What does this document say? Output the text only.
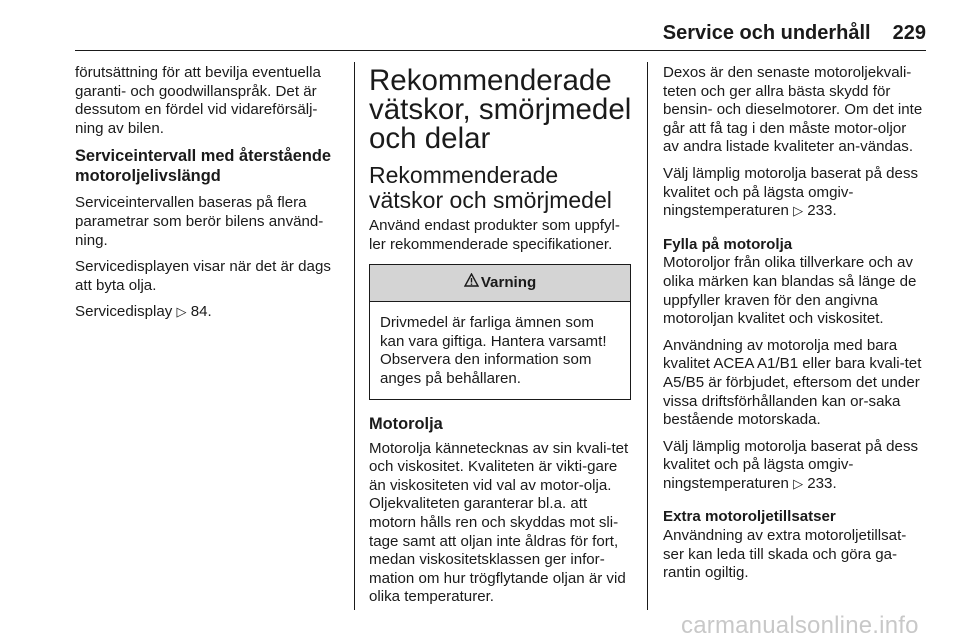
Service och underhåll 229

förutsättning för att bevilja eventuella garanti- och goodwillanspråk. Det är dessutom en fördel vid vidareförsälj-ning av bilen.

Serviceintervall med återstående motoroljelivslängd

Serviceintervallen baseras på flera parametrar som berör bilens använd-ning.

Servicedisplayen visar när det är dags att byta olja.

Servicedisplay ▷ 84.

Rekommenderade vätskor, smörjmedel och delar
Rekommenderade vätskor och smörjmedel

Använd endast produkter som uppfyl-ler rekommenderade specifikationer.

Varning
Drivmedel är farliga ämnen som kan vara giftiga. Hantera varsamt! Observera den information som anges på behållaren.
Motorolja

Motorolja kännetecknas av sin kvali-tet och viskositet. Kvaliteten är vikti-gare än viskositeten vid val av motor-olja. Oljekvaliteten garanterar bl.a. att motorn hålls ren och skyddas mot sli-tage samt att oljan inte åldras för fort, medan viskositetsklassen ger infor-mation om hur trögflytande oljan är vid olika temperaturer.

Dexos är den senaste motoroljekvali-teten och ger allra bästa skydd för bensin- och dieselmotorer. Om det inte går att få tag i den måste motor-oljor av andra listade kvaliteter an-vändas.

Välj lämplig motorolja baserat på dess kvalitet och på lägsta omgiv-ningstemperaturen ▷ 233.

Fylla på motorolja

Motoroljor från olika tillverkare och av olika märken kan blandas så länge de uppfyller kraven för den angivna motoroljan kvalitet och viskositet.

Användning av motorolja med bara kvalitet ACEA A1/B1 eller bara kvali-tet A5/B5 är förbjudet, eftersom det under vissa driftsförhållanden kan or-saka bestående motorskada.

Välj lämplig motorolja baserat på dess kvalitet och på lägsta omgiv-ningstemperaturen ▷ 233.

Extra motoroljetillsatser

Användning av extra motoroljetillsat-ser kan leda till skada och göra ga-rantin ogiltig.

carmanualsonline.info
